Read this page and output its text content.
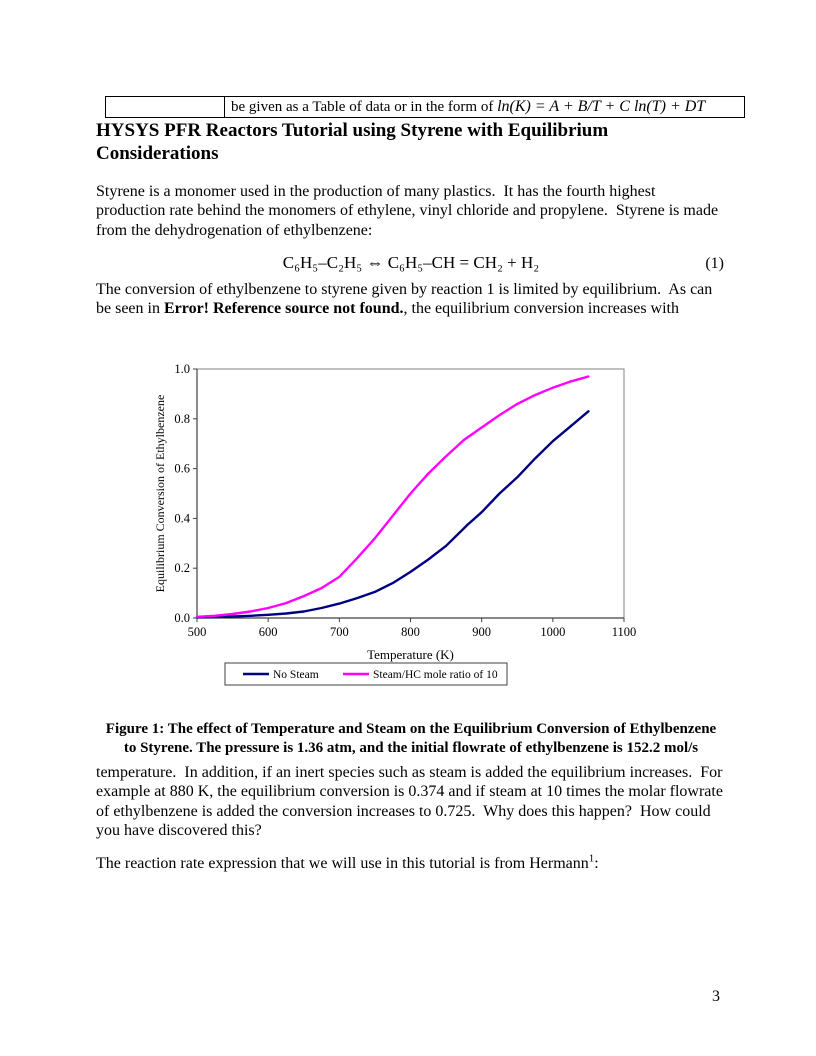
	be given as a Table of data or in the form of ln(K) = A + B/T + C ln(T) + DT
HYSYS PFR Reactors Tutorial using Styrene with Equilibrium Considerations
Styrene is a monomer used in the production of many plastics.  It has the fourth highest production rate behind the monomers of ethylene, vinyl chloride and propylene.  Styrene is made from the dehydrogenation of ethylbenzene:
C₆H₅–C₂H₅ ⇔ C₆H₅–CH = CH₂ + H₂	(1)
The conversion of ethylbenzene to styrene given by reaction 1 is limited by equilibrium.  As can be seen in Error! Reference source not found., the equilibrium conversion increases with
500	600	700	800	900	1000	1100
0.0
0.2
0.4
0.6
0.8
1.0
Temperature (K)
Equilibrium Conversion of Ethylbenzene
No Steam	Steam/HC mole ratio of 10
Figure 1: The effect of Temperature and Steam on the Equilibrium Conversion of Ethylbenzene
to Styrene. The pressure is 1.36 atm, and the initial flowrate of ethylbenzene is 152.2 mol/s
temperature.  In addition, if an inert species such as steam is added the equilibrium increases.  For example at 880 K, the equilibrium conversion is 0.374 and if steam at 10 times the molar flowrate of ethylbenzene is added the conversion increases to 0.725.  Why does this happen?  How could you have discovered this?
The reaction rate expression that we will use in this tutorial is from Hermann$^1$:
3
